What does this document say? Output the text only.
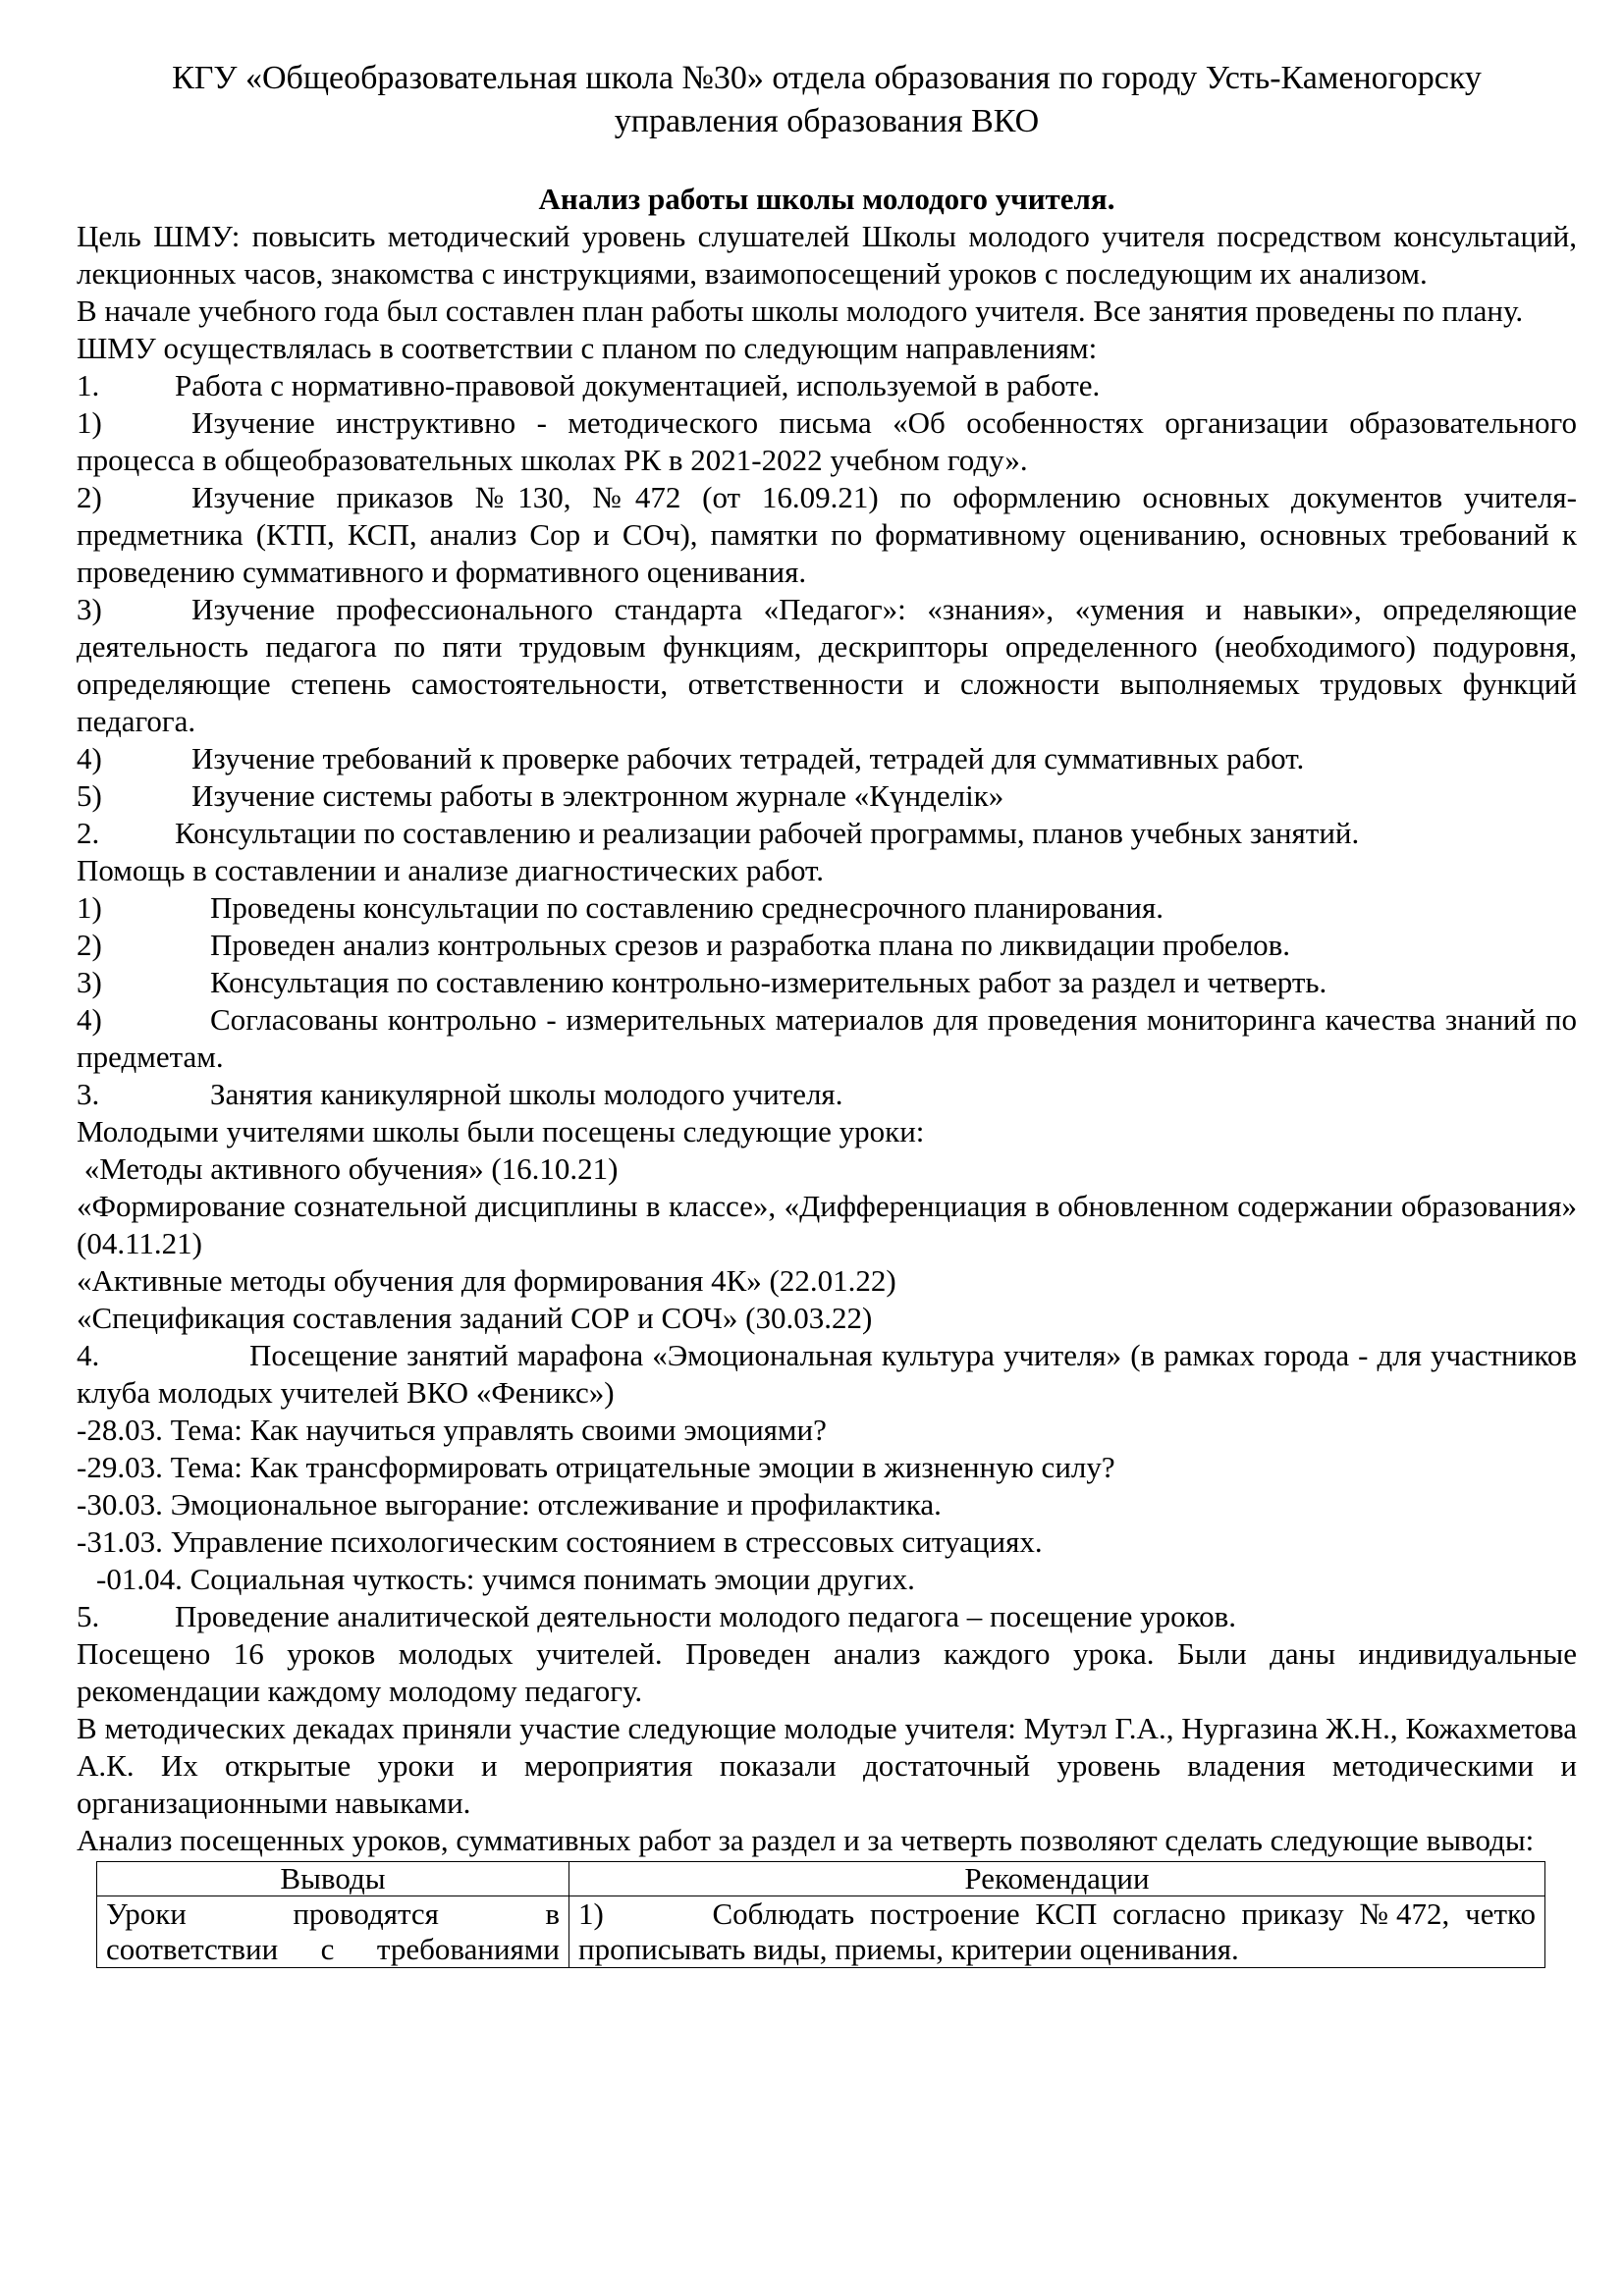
КГУ «Общеобразовательная школа №30» отдела образования по городу Усть-Каменогорску
управления образования ВКО
Анализ работы школы молодого учителя.

Цель ШМУ: повысить методический уровень слушателей Школы молодого учителя посредством консультаций, лекционных часов, знакомства с инструкциями, взаимопосещений уроков с последующим их анализом.

В начале учебного года был составлен план работы школы молодого учителя. Все занятия проведены по плану.

ШМУ осуществлялась в соответствии с планом по следующим направлениям:

1.	Работа с нормативно-правовой документацией, используемой в работе.

1)	Изучение инструктивно - методического письма «Об особенностях организации образовательного процесса в общеобразовательных школах РК в 2021-2022 учебном году».

2)	Изучение приказов №130, №472 (от 16.09.21) по оформлению основных документов учителя-предметника (КТП, КСП, анализ Сор и СОч), памятки по формативному оцениванию, основных требований к проведению суммативного и формативного оценивания.

3)	Изучение профессионального стандарта «Педагог»: «знания», «умения и навыки», определяющие деятельность педагога по пяти трудовым функциям, дескрипторы определенного (необходимого) подуровня, определяющие степень самостоятельности, ответственности и сложности выполняемых трудовых функций педагога.

4)	Изучение требований к проверке рабочих тетрадей, тетрадей для суммативных работ.

5)	Изучение системы работы в электронном журнале «Күнделік»

2.	Консультации по составлению и реализации рабочей программы, планов учебных занятий.

Помощь в составлении и анализе диагностических работ.

1)	Проведены консультации по составлению среднесрочного планирования.

2)	Проведен анализ контрольных срезов и разработка плана по ликвидации пробелов.

3)	Консультация по составлению контрольно-измерительных работ за раздел и четверть.

4)	Согласованы контрольно - измерительных материалов для проведения мониторинга качества знаний по предметам.

3.	Занятия каникулярной школы молодого учителя.

Молодыми учителями школы были посещены следующие уроки:

«Методы активного обучения» (16.10.21)

«Формирование сознательной дисциплины в классе», «Дифференциация в обновленном содержании образования» (04.11.21)

«Активные методы обучения для формирования 4К» (22.01.22)

«Спецификация составления заданий СОР и СОЧ» (30.03.22)

4.	Посещение занятий марафона «Эмоциональная культура учителя» (в рамках города - для участников клуба молодых учителей ВКО «Феникс»)

-28.03. Тема: Как научиться управлять своими эмоциями?

-29.03. Тема: Как трансформировать отрицательные эмоции в жизненную силу?

-30.03. Эмоциональное выгорание: отслеживание и профилактика.

-31.03. Управление психологическим состоянием в стрессовых ситуациях.

-01.04. Социальная чуткость: учимся понимать эмоции других.

5.	Проведение аналитической деятельности молодого педагога – посещение уроков.

Посещено 16 уроков молодых учителей. Проведен анализ каждого урока. Были даны индивидуальные рекомендации каждому молодому педагогу.

В методических декадах приняли участие следующие молодые учителя: Мутэл Г.А., Нургазина Ж.Н., Кожахметова А.К. Их открытые уроки и мероприятия показали достаточный уровень владения методическими и организационными навыками.

Анализ посещенных уроков, суммативных работ за раздел и за четверть позволяют сделать следующие выводы:

Выводы	Рекомендации

Уроки проводятся в
соответствии с требованиями	1)       Соблюдать построение КСП согласно приказу №472, четко прописывать виды, приемы, критерии оценивания.
